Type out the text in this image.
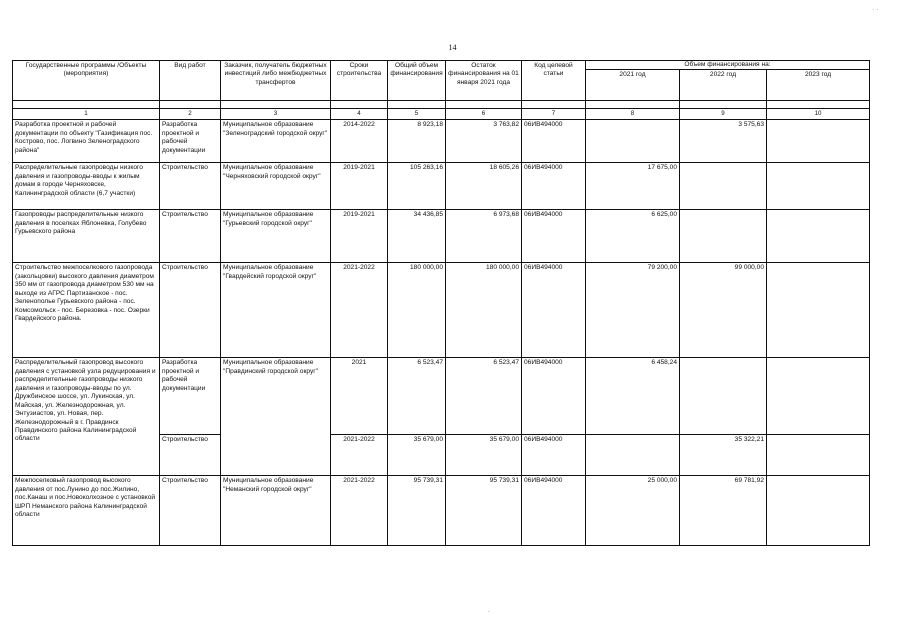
14
˙ ˙
.
Государственные программы /Объекты (мероприятия)	Вид работ	Заказчик, получатель бюджетных инвестиций либо межбюджетных трансфертов	Сроки строительства	Общий объем финансирования	Остаток финансирования на 01 января 2021 года	Код целевой статьи	Объем финансирования на:		
							2021 год	2022 год	2023 год

1	2	3	4	5	6	7	8	9	10
Разработка проектной и рабочей документации по объекту "Газификация пос. Кострово, пос. Логвино Зеленоградского района"	Разработка проектной и рабочей документации	Муниципальное образование "Зеленоградский городской округ"	2014-2022	8 923,18	3 763,82	06ИВ494000		3 575,63	
Распределительные газопроводы низкого давления и газопроводы-вводы к жилым домам в городе Черняховске, Калининградской области (6,7 участки)	Строительство	Муниципальное образование "Черняховский городской округ"	2019-2021	105 263,16	18 605,26	06ИВ494000	17 675,00		
Газопроводы распределительные низкого давления в поселках Яблоневка, Голубево Гурьевского района	Строительство	Муниципальное образование "Гурьевский городской округ"	2019-2021	34 436,85	6 973,68	06ИВ494000	6 625,00		
Строительство межпоселкового газопровода (закольцовки) высокого давления диаметром 350 мм от газопровода диаметром 530 мм на выходе из АГРС Партизанское - пос. Зеленополье Гурьевского района - пос. Комсомольск - пос. Березовка - пос. Озерки Гвардейского района.	Строительство	Муниципальное образование "Гвардейский городской округ"	2021-2022	180 000,00	180 000,00	06ИВ494000	79 200,00	99 000,00	
Распределительный газопровод высокого давления с установкой узла редуцирования и распределительные газопроводы низкого давления и газопроводы-вводы по ул. Дружбинское шоссе, ул. Лукинская, ул. Майская, ул. Железнодорожная, ул. Энтузиастов, ул. Новая, пер. Железнодорожный в г. Правдинск Правдинского района Калининградской области	Разработка проектной и рабочей документации	Муниципальное образование "Правдинский городской округ"	2021	6 523,47	6 523,47	06ИВ494000	6 458,24		
	Строительство		2021-2022	35 679,00	35 679,00	06ИВ494000		35 322,21	
Межпоселковый газопровод высокого давления от пос.Лунино до пос.Жилино, пос.Канаш и пос.Новоколхозное с установкой ШРП Неманского района Калининградской области	Строительство	Муниципальное образование "Неманский городской округ"	2021-2022	95 739,31	95 739,31	06ИВ494000	25 000,00	69 781,92	
